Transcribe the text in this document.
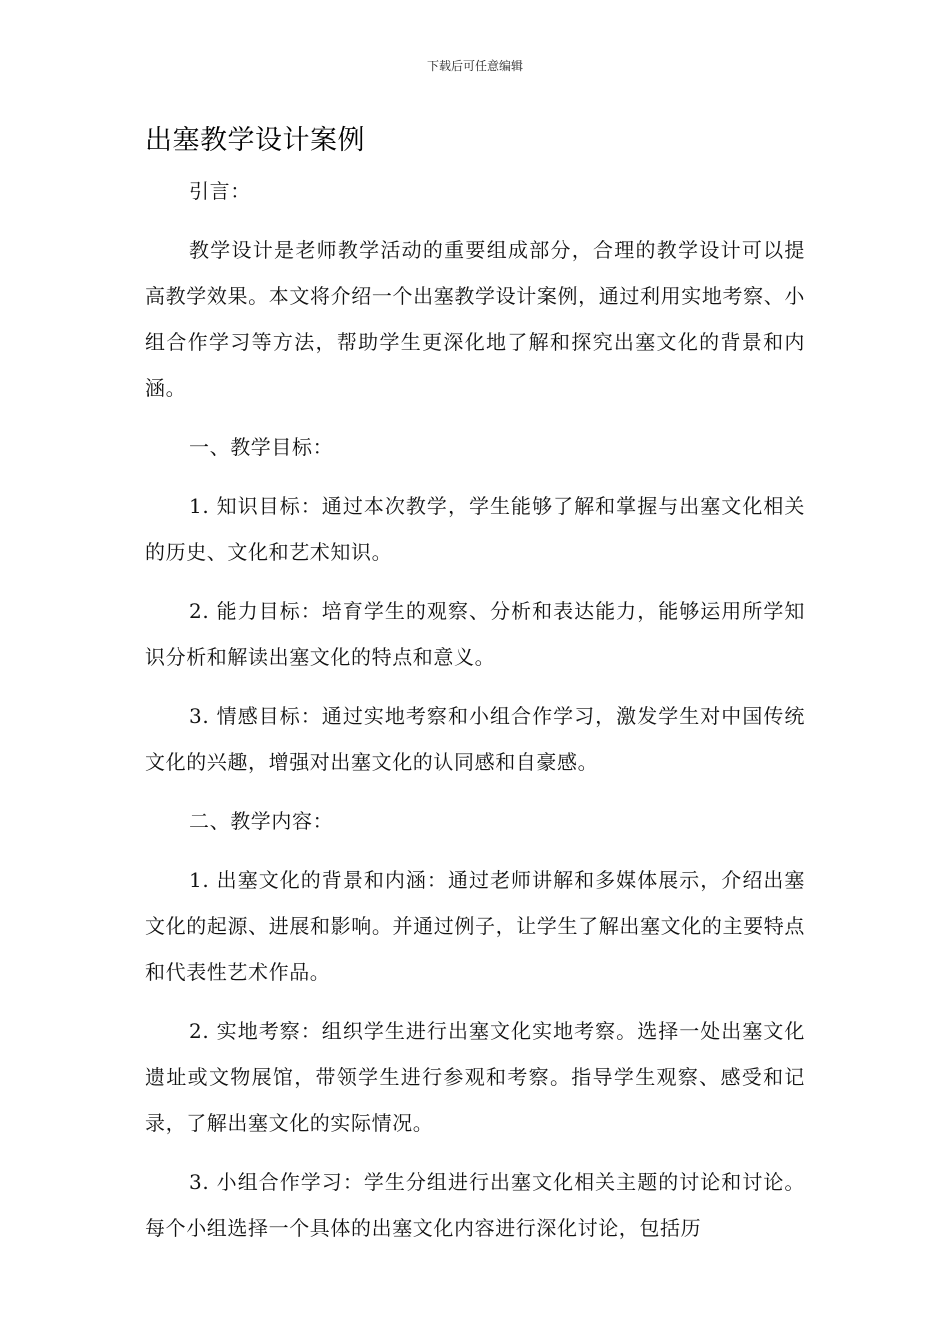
下载后可任意编辑
出塞教学设计案例

引言：

教学设计是老师教学活动的重要组成部分，合理的教学设计可以提高教学效果。本文将介绍一个出塞教学设计案例，通过利用实地考察、小组合作学习等方法，帮助学生更深化地了解和探究出塞文化的背景和内涵。

一、教学目标：

1. 知识目标：通过本次教学，学生能够了解和掌握与出塞文化相关的历史、文化和艺术知识。

2. 能力目标：培育学生的观察、分析和表达能力，能够运用所学知识分析和解读出塞文化的特点和意义。

3. 情感目标：通过实地考察和小组合作学习，激发学生对中国传统文化的兴趣，增强对出塞文化的认同感和自豪感。

二、教学内容：

1. 出塞文化的背景和内涵：通过老师讲解和多媒体展示，介绍出塞文化的起源、进展和影响。并通过例子，让学生了解出塞文化的主要特点和代表性艺术作品。

2. 实地考察：组织学生进行出塞文化实地考察。选择一处出塞文化遗址或文物展馆，带领学生进行参观和考察。指导学生观察、感受和记录，了解出塞文化的实际情况。

3. 小组合作学习：学生分组进行出塞文化相关主题的讨论和讨论。每个小组选择一个具体的出塞文化内容进行深化讨论，包括历
